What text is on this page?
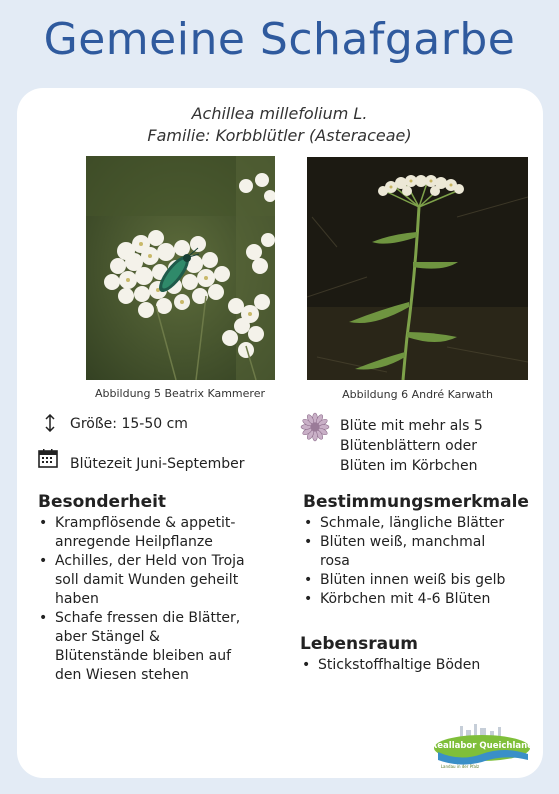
Gemeine Schafgarbe
Achillea millefolium L.
Familie: Korbblütler (Asteraceae)
Abbildung 5 Beatrix Kammerer	Abbildung 6 André Karwath
Größe: 15-50 cm
Blütezeit Juni-September
Blüte mit mehr als 5
Blütenblättern oder
Blüten im Körbchen
Besonderheit
• Krampflösende & appetit-
anregende Heilpflanze
• Achilles, der Held von Troja
soll damit Wunden geheilt
haben
• Schafe fressen die Blätter,
aber Stängel &
Blütenstände bleiben auf
den Wiesen stehen
Bestimmungsmerkmale
• Schmale, längliche Blätter
• Blüten weiß, manchmal
rosa
• Blüten innen weiß bis gelb
• Körbchen mit 4-6 Blüten
Lebensraum
• Stickstoffhaltige Böden
Reallabor Queichland
Landau in der Pfalz
